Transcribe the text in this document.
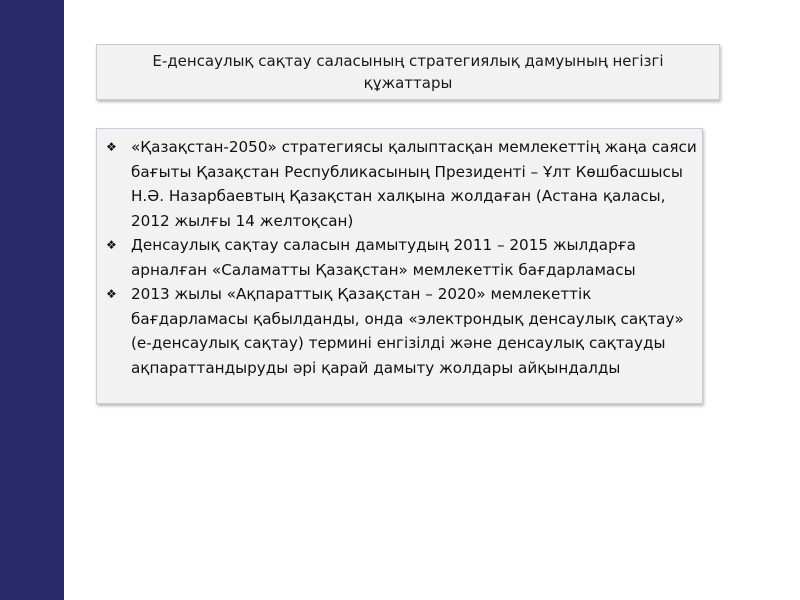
Е-денсаулық сақтау саласының стратегиялық дамуының негізгі құжаттары
❖ «Қазақстан-2050» стратегиясы қалыптасқан мемлекеттің жаңа саяси бағыты Қазақстан Республикасының Президенті – Ұлт Көшбасшысы Н.Ә. Назарбаевтың Қазақстан халқына жолдаған (Астана қаласы, 2012 жылғы 14 желтоқсан)
❖ Денсаулық сақтау саласын дамытудың 2011 – 2015 жылдарға арналған «Саламатты Қазақстан» мемлекеттік бағдарламасы
❖ 2013 жылы «Ақпараттық Қазақстан – 2020» мемлекеттік бағдарламасы қабылданды, онда «электрондық денсаулық сақтау» (е-денсаулық сақтау) термині енгізілді және денсаулық сақтауды ақпараттандыруды әрі қарай дамыту жолдары айқындалды
